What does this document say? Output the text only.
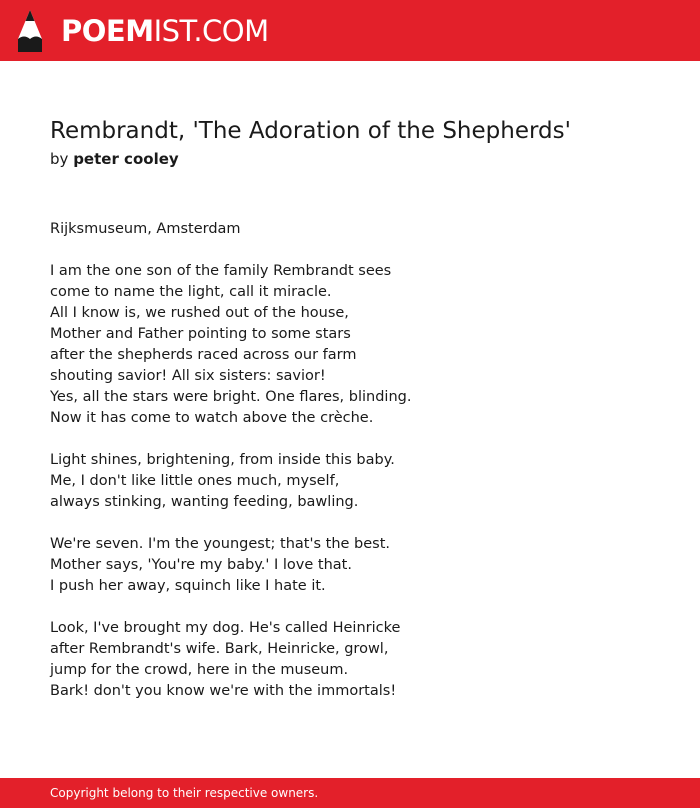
POEMIST.COM
Rembrandt, 'The Adoration of the Shepherds'
by peter cooley
Rijksmuseum, Amsterdam
I am the one son of the family Rembrandt sees
come to name the light, call it miracle.
All I know is, we rushed out of the house,
Mother and Father pointing to some stars
after the shepherds raced across our farm
shouting savior! All six sisters: savior!
Yes, all the stars were bright. One flares, blinding.
Now it has come to watch above the crèche.
Light shines, brightening, from inside this baby.
Me, I don't like little ones much, myself,
always stinking, wanting feeding, bawling.
We're seven. I'm the youngest; that's the best.
Mother says, 'You're my baby.' I love that.
I push her away, squinch like I hate it.
Look, I've brought my dog. He's called Heinricke
after Rembrandt's wife. Bark, Heinricke, growl,
jump for the crowd, here in the museum.
Bark! don't you know we're with the immortals!
Copyright belong to their respective owners.
